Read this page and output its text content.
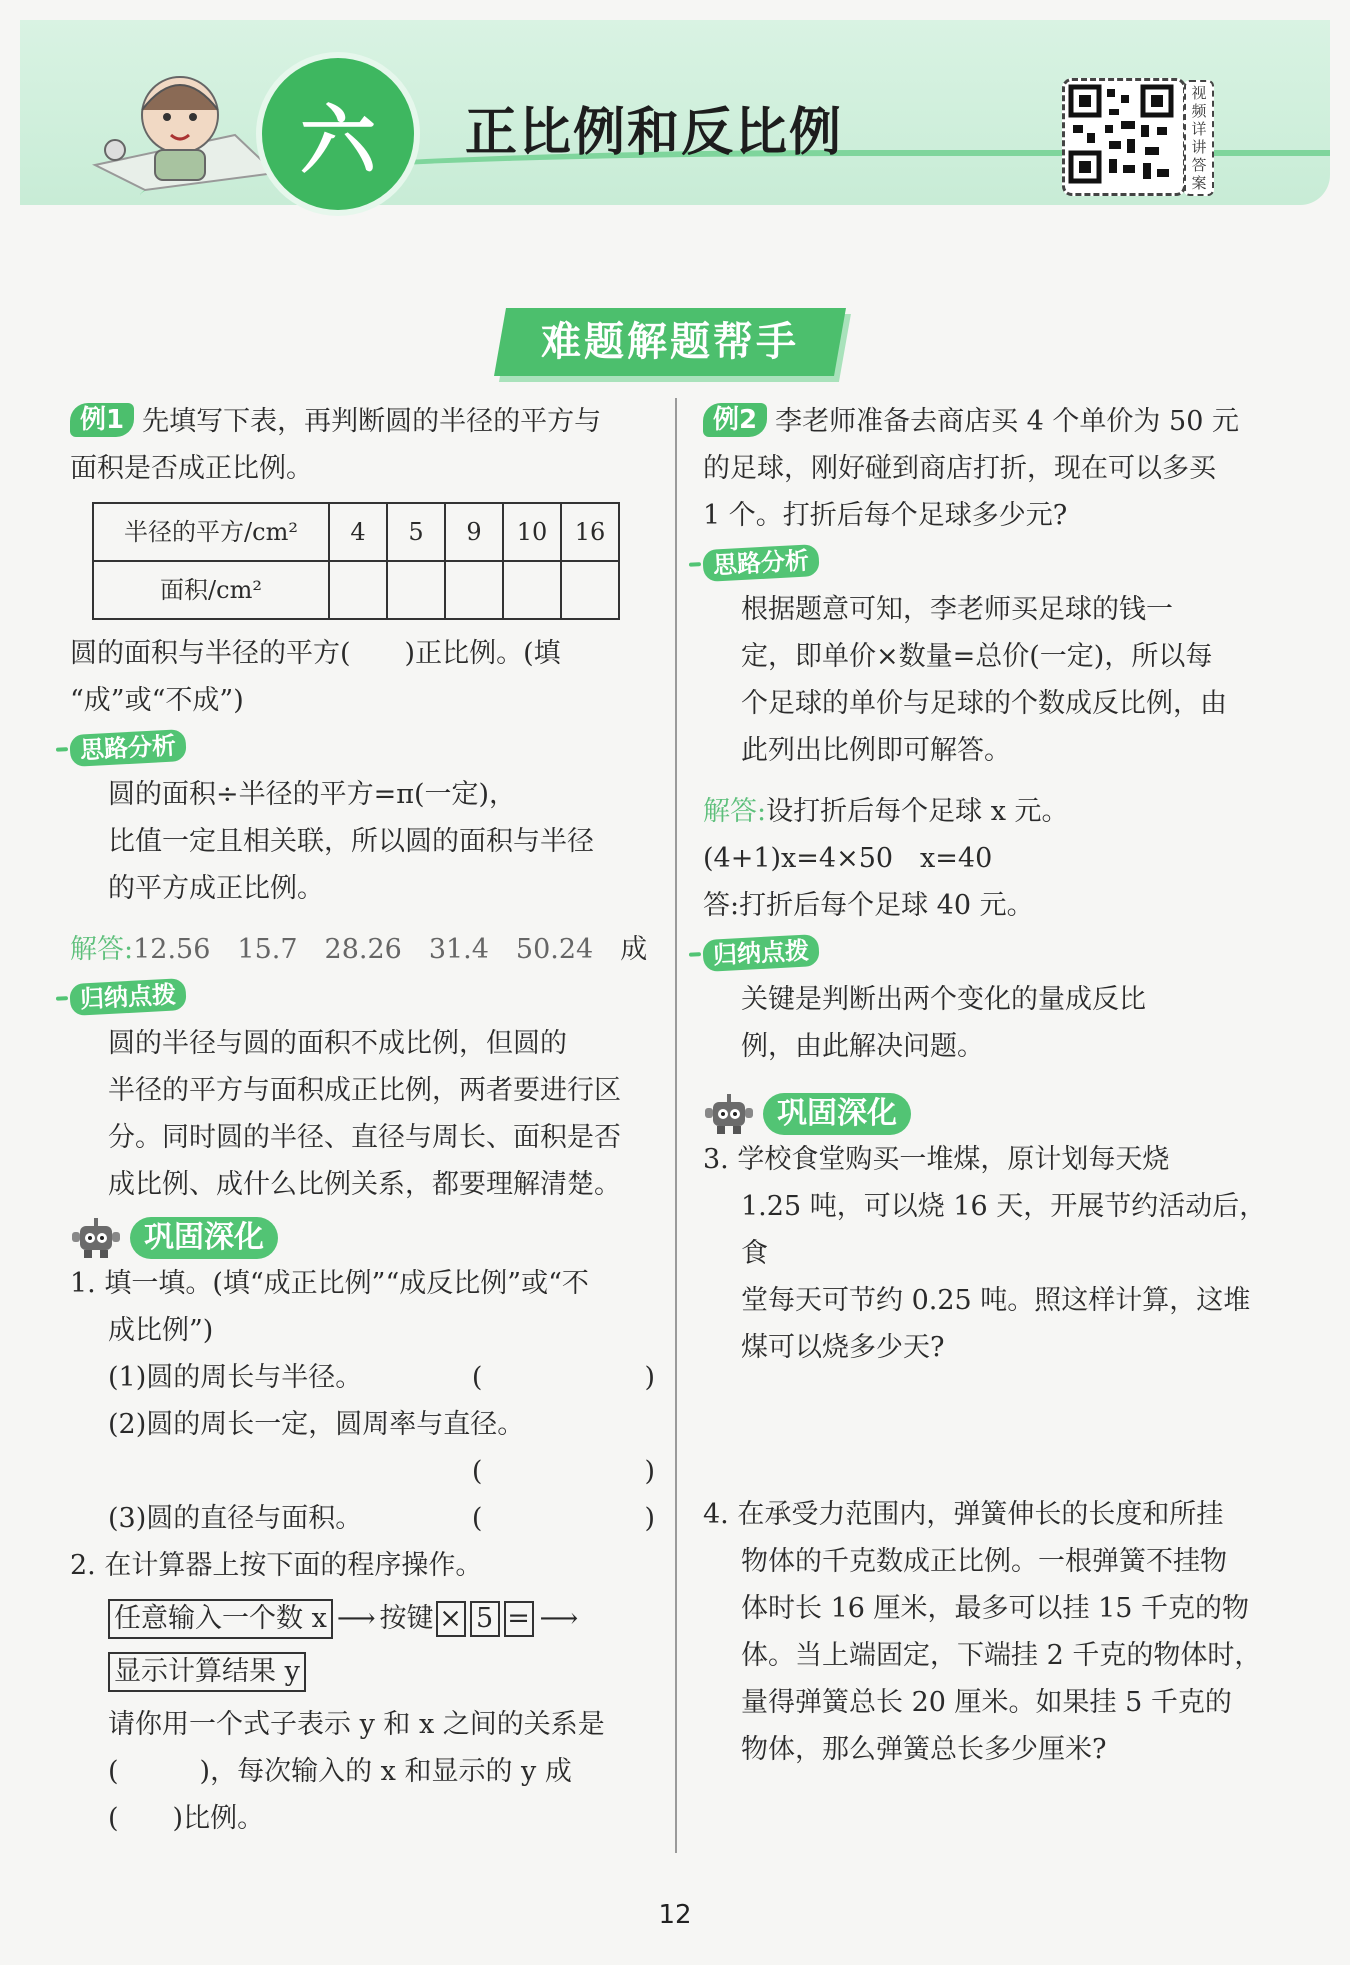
六	正比例和反比例
视频详讲答案
难题解题帮手

例1 先填写下表，再判断圆的半径的平方与

面积是否成正比例。

半径的平方/cm²	4	5	9	10	16
面积/cm²					

圆的面积与半径的平方(　　)正比例。(填

“成”或“不成”)

思路分析

圆的面积÷半径的平方=π(一定)，

比值一定且相关联，所以圆的面积与半径

的平方成正比例。

解答:12.56　15.7　28.26　31.4　50.24　 成

归纳点拨

圆的半径与圆的面积不成比例，但圆的

半径的平方与面积成正比例，两者要进行区

分。同时圆的半径、直径与周长、面积是否

成比例、成什么比例关系，都要理解清楚。

巩固深化

1. 填一填。(填“成正比例”“成反比例”或“不

成比例”)

(1)圆的周长与半径。	(　　　　　　	)

(2)圆的周长一定，圆周率与直径。

(　　　　　　	)
(3)圆的直径与面积。	(　　　　　　	)

2. 在计算器上按下面的程序操作。

任意输入一个数 x ⟶ 按键 × 5 = ⟶
显示计算结果 y

请你用一个式子表示 y 和 x 之间的关系是

(　　　)，每次输入的 x 和显示的 y 成

(　　)比例。

例2 李老师准备去商店买 4 个单价为 50 元

的足球，刚好碰到商店打折，现在可以多买

1 个。打折后每个足球多少元?

思路分析

根据题意可知，李老师买足球的钱一

定，即单价×数量=总价(一定)，所以每

个足球的单价与足球的个数成反比例，由

此列出比例即可解答。

解答:设打折后每个足球 x 元。

(4+1)x=4×50　x=40

答:打折后每个足球 40 元。

归纳点拨

关键是判断出两个变化的量成反比

例，由此解决问题。

巩固深化

3. 学校食堂购买一堆煤，原计划每天烧

1.25 吨，可以烧 16 天，开展节约活动后，食

堂每天可节约 0.25 吨。照这样计算，这堆

煤可以烧多少天?

4. 在承受力范围内，弹簧伸长的长度和所挂

物体的千克数成正比例。一根弹簧不挂物

体时长 16 厘米，最多可以挂 15 千克的物

体。当上端固定，下端挂 2 千克的物体时，

量得弹簧总长 20 厘米。如果挂 5 千克的

物体，那么弹簧总长多少厘米?

12
